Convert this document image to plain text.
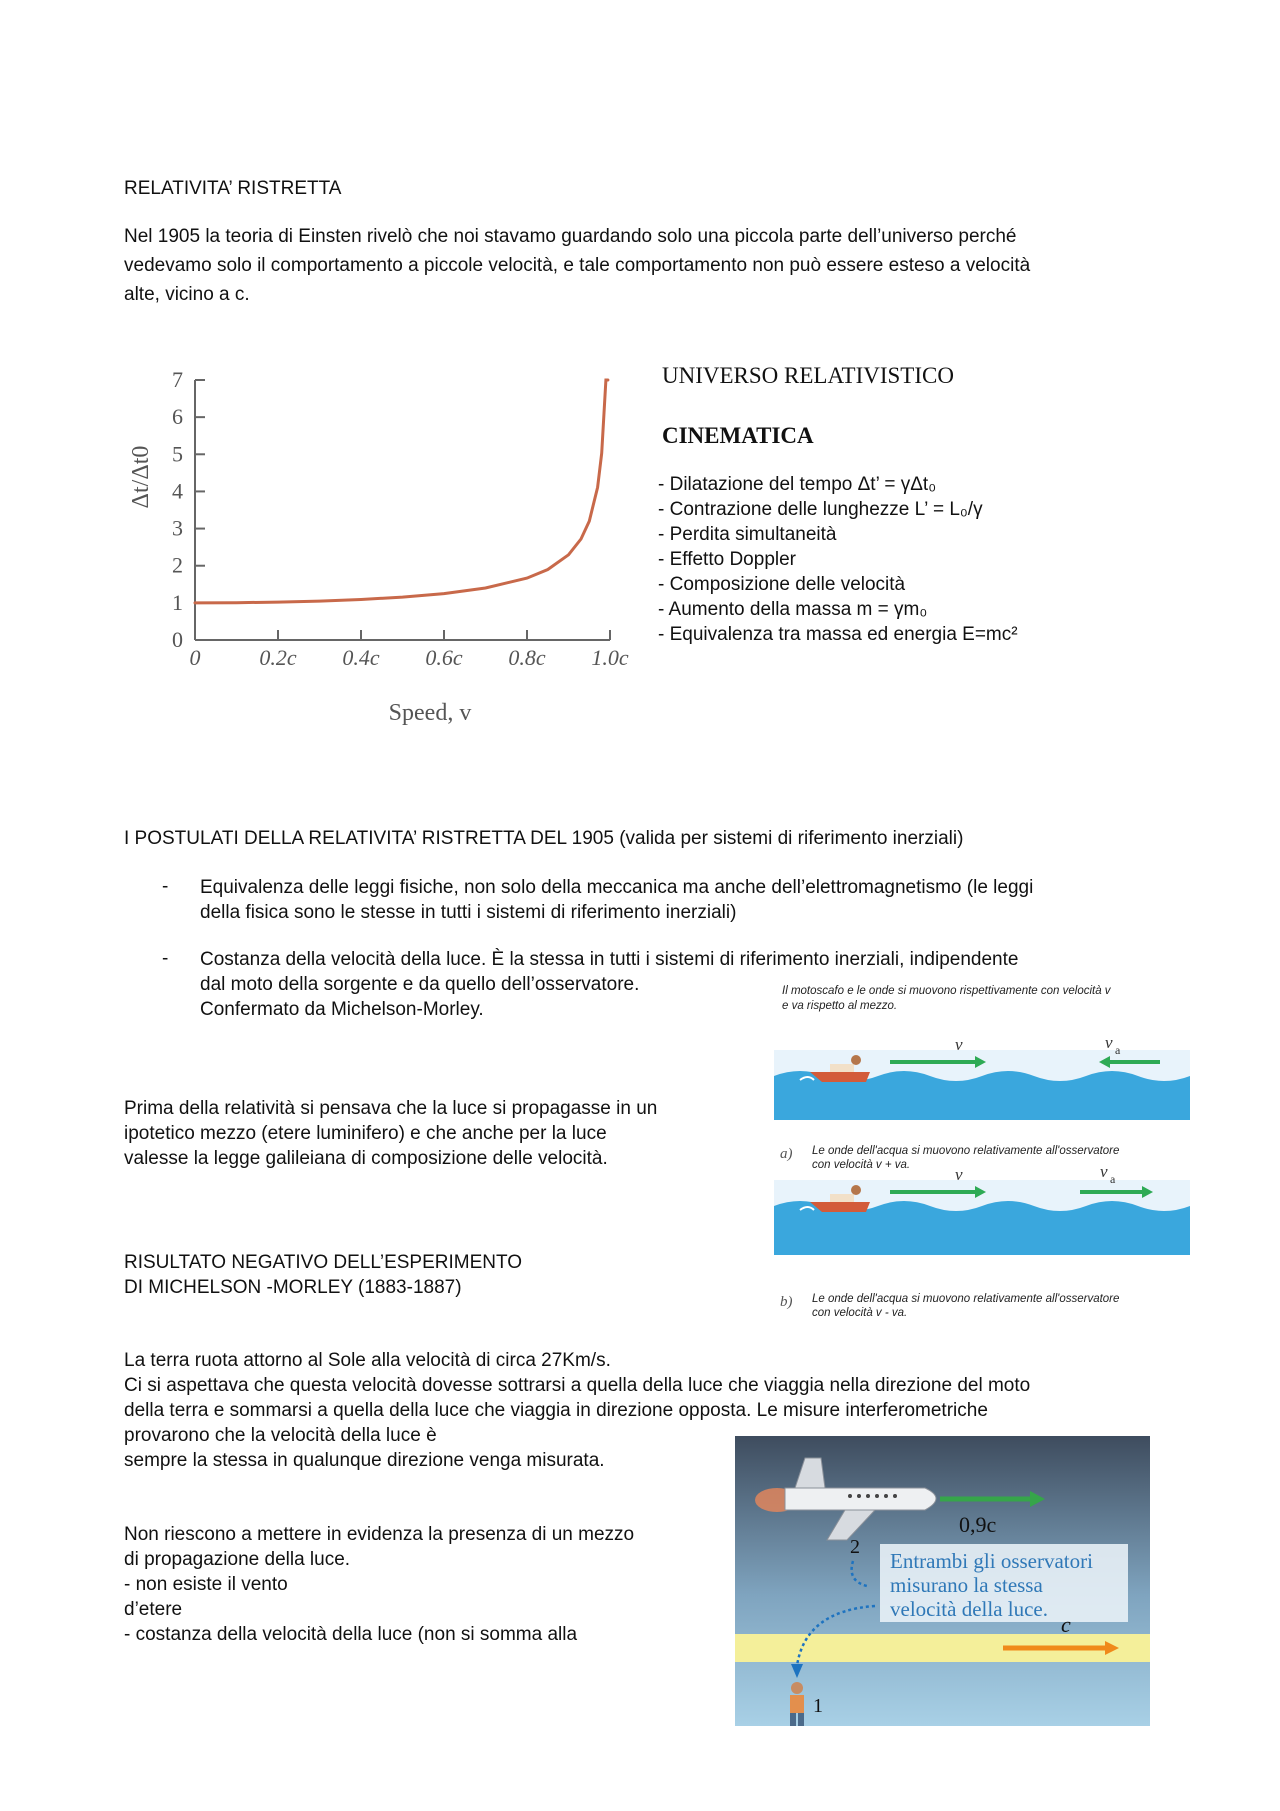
RELATIVITA’ RISTRETTA

Nel 1905 la teoria di Einsten rivelò che noi stavamo guardando solo una piccola parte dell’universo perché

vedevamo solo il comportamento a piccole velocità, e tale comportamento non può essere esteso a velocità

alte, vicino a c.

0
1
2
3
4
5
6
7
0	0.2c 0.4c 0.6c 0.8c 1.0c
Speed, v
Δt/Δt0

UNIVERSO RELATIVISTICO

CINEMATICA

- Dilatazione del tempo Δt’ = γΔt₀
- Contrazione delle lunghezze L’ = L₀/γ
- Perdita simultaneità
- Effetto Doppler
- Composizione delle velocità
- Aumento della massa m = γm₀
- Equivalenza tra massa ed energia E=mc²

I POSTULATI DELLA RELATIVITA’ RISTRETTA DEL 1905 (valida per sistemi di riferimento inerziali)

- Equivalenza delle leggi fisiche, non solo della meccanica ma anche dell’elettromagnetismo (le leggi

della fisica sono le stesse in tutti i sistemi di riferimento inerziali)

- Costanza della velocità della luce. È la stessa in tutti i sistemi di riferimento inerziali, indipendente

dal moto della sorgente e da quello dell’osservatore.

Confermato da Michelson-Morley.

Il motoscafo e le onde si muovono rispettivamente con velocità v
e va rispetto al mezzo.
v	v a
a) Le onde dell'acqua si muovono relativamente all'osservatore
con velocità v + va.	v	v a
b) Le onde dell'acqua si muovono relativamente all'osservatore
con velocità v - va.

Prima della relatività si pensava che la luce si propagasse in un

ipotetico mezzo (etere luminifero) e che anche per la luce

valesse la legge galileiana di composizione delle velocità.

RISULTATO NEGATIVO DELL’ESPERIMENTO

DI MICHELSON -MORLEY (1883-1887)

La terra ruota attorno al Sole alla velocità di circa 27Km/s.

Ci si aspettava che questa velocità dovesse sottrarsi a quella della luce che viaggia nella direzione del moto

della terra e sommarsi a quella della luce che viaggia in direzione opposta. Le misure interferometriche

provarono che la velocità della luce è

sempre la stessa in qualunque direzione venga misurata.

Non riescono a mettere in evidenza la presenza di un mezzo

di propagazione della luce.

- non esiste il vento

d’etere

- costanza della velocità della luce (non si somma alla

0,9c
2
Entrambi gli osservatori
misurano la stessa
velocità della luce.
c
1
